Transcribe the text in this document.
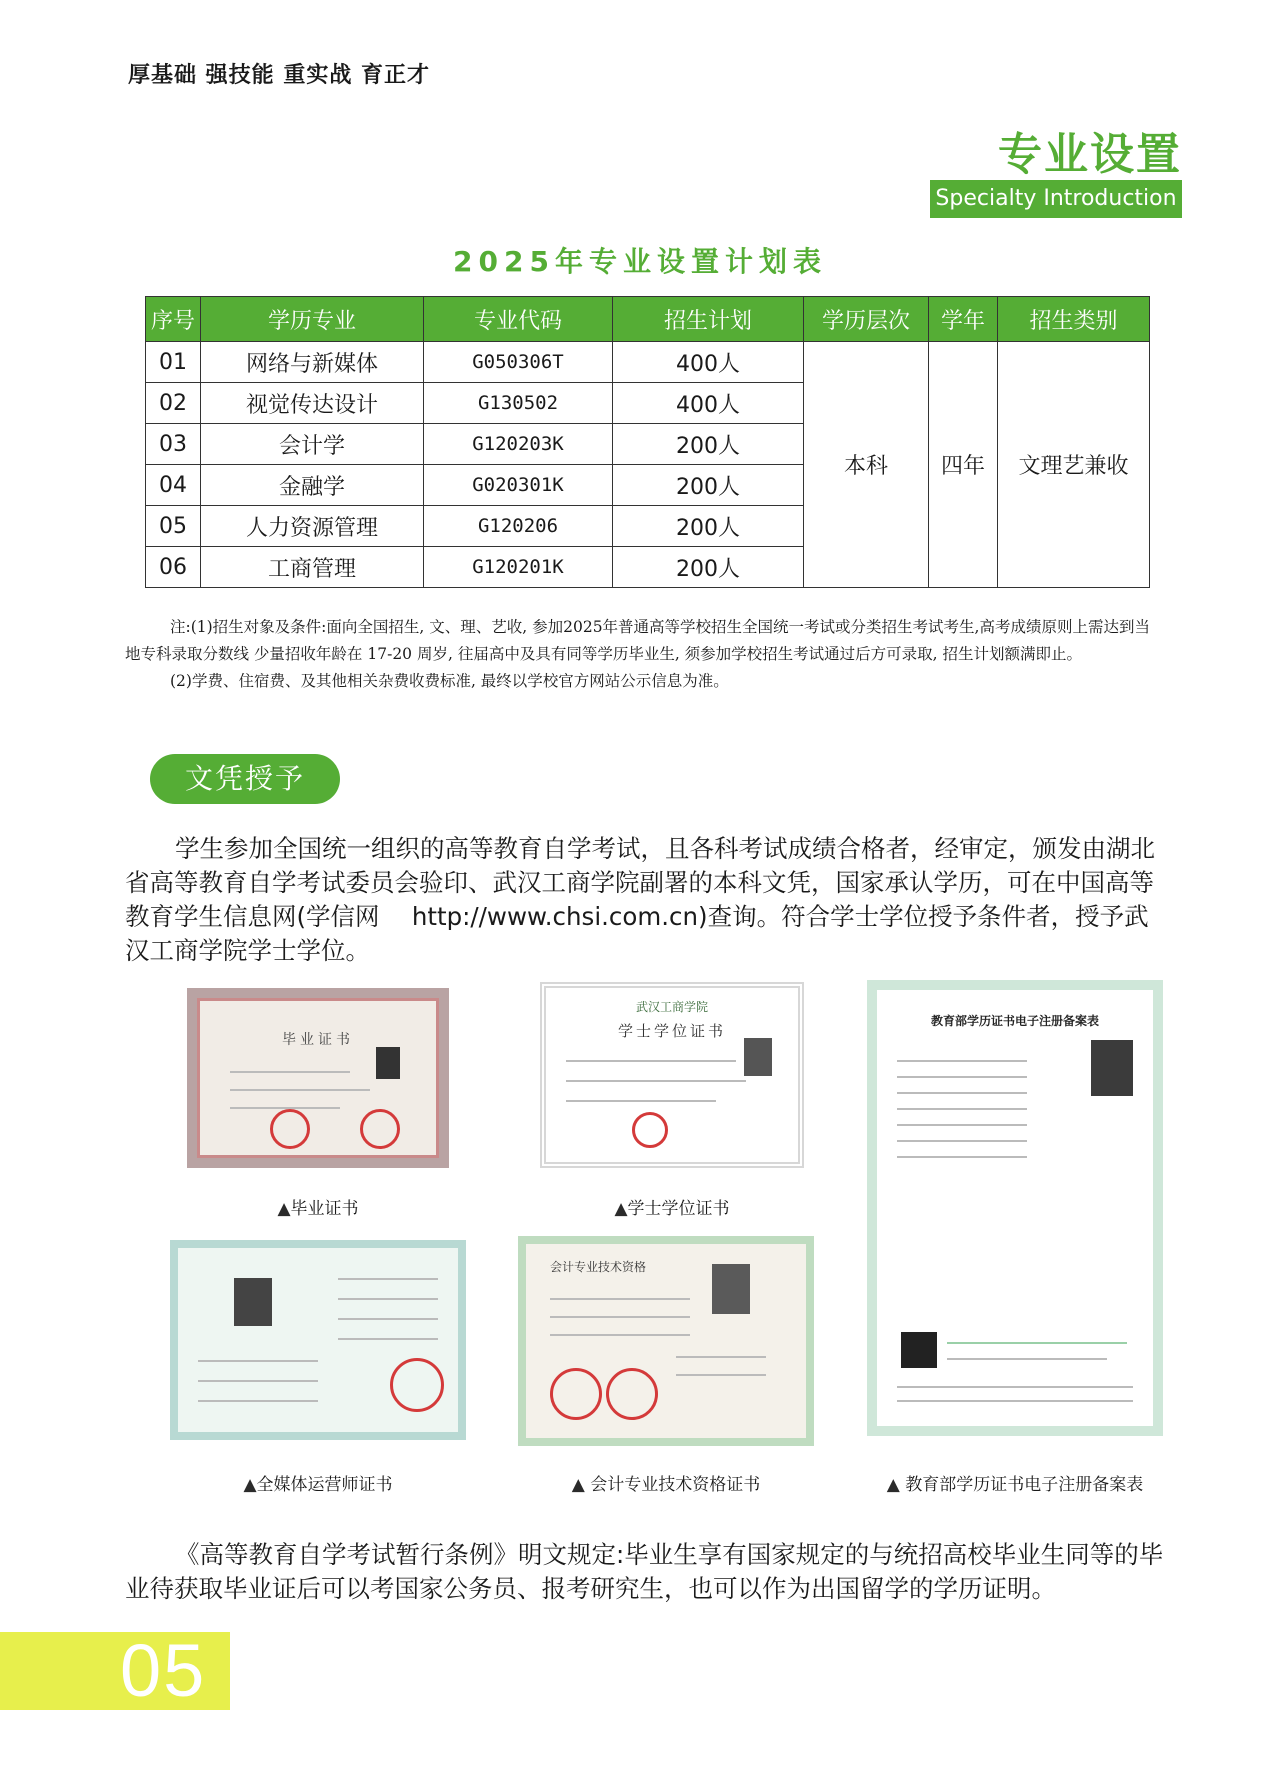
厚基础 强技能 重实战 育正才
专业设置
Specialty Introduction
2025年专业设置计划表
序号	学历专业	专业代码	招生计划	学历层次	学年	招生类别
01	网络与新媒体	G050306T	400人	本科	四年	文理艺兼收
02	视觉传达设计	G130502	400人			
03	会计学	G120203K	200人			
04	金融学	G020301K	200人			
05	人力资源管理	G120206	200人			
06	工商管理	G120201K	200人			

注:(1)招生对象及条件:面向全国招生, 文、理、艺收, 参加2025年普通高等学校招生全国统一考试或分类招生考试考生,高考成绩原则上需达到当地专科录取分数线 少量招收年龄在 17-20 周岁, 往届高中及具有同等学历毕业生, 须参加学校招生考试通过后方可录取, 招生计划额满即止。

(2)学费、住宿费、及其他相关杂费收费标准, 最终以学校官方网站公示信息为准。

文凭授予
学生参加全国统一组织的高等教育自学考试，且各科考试成绩合格者，经审定，颁发由湖北省高等教育自学考试委员会验印、武汉工商学院副署的本科文凭，国家承认学历，可在中国高等教育学生信息网(学信网　 http://www.chsi.com.cn)查询。符合学士学位授予条件者，授予武汉工商学院学士学位。
毕业证书
▲毕业证书
武汉工商学院
学士学位证书
▲学士学位证书
教育部学历证书电子注册备案表
▲ 教育部学历证书电子注册备案表
▲全媒体运营师证书
会计专业技术资格
▲ 会计专业技术资格证书
《高等教育自学考试暂行条例》明文规定:毕业生享有国家规定的与统招高校毕业生同等的毕业待获取毕业证后可以考国家公务员、报考研究生，也可以作为出国留学的学历证明。
05
